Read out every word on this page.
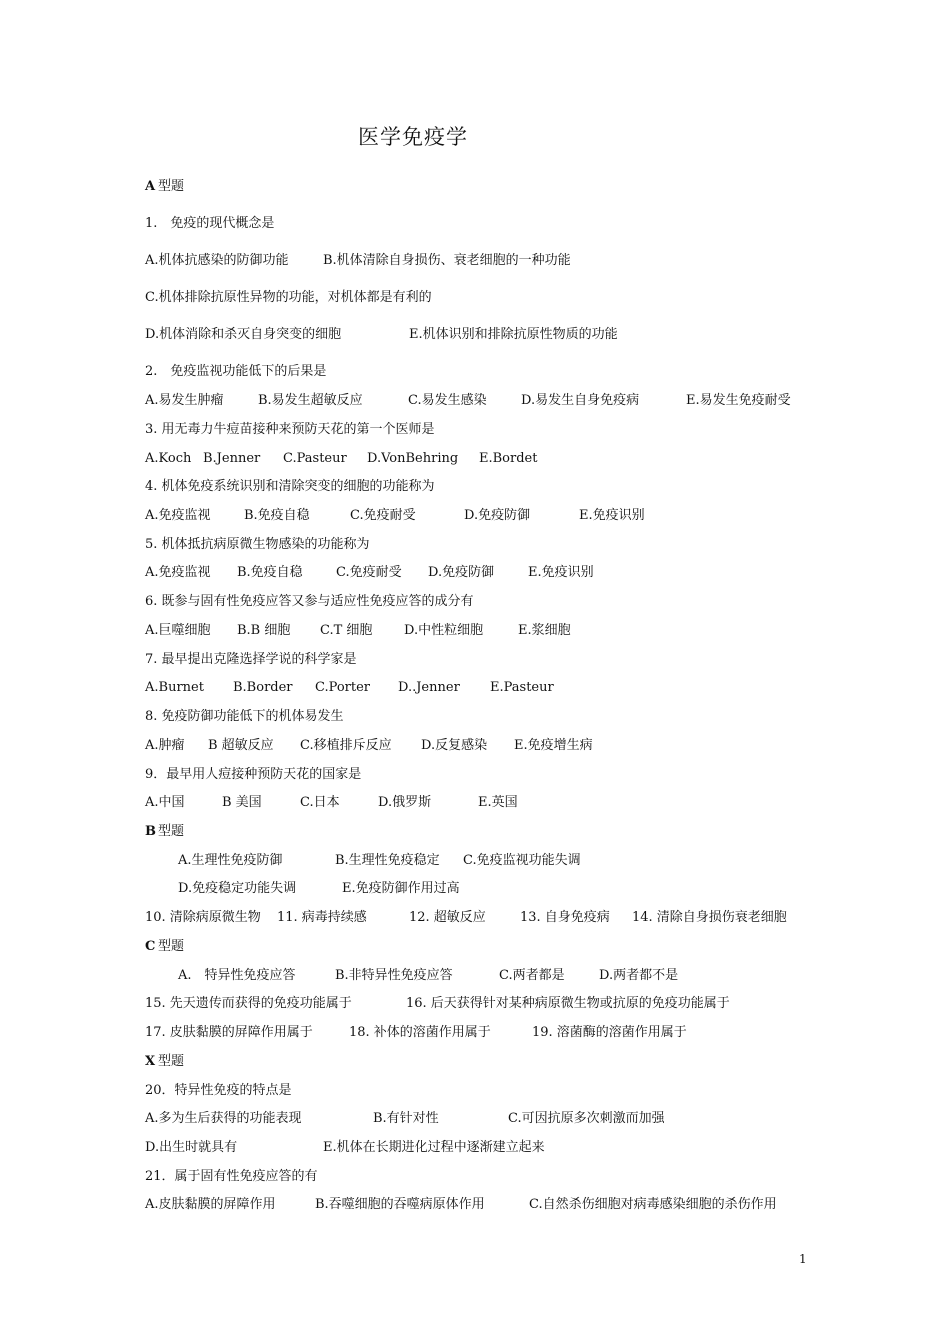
医学免疫学
A 型题
1.　免疫的现代概念是
A.机体抗感染的防御功能	B.机体清除自身损伤、衰老细胞的一种功能
C.机体排除抗原性异物的功能，对机体都是有利的
D.机体消除和杀灭自身突变的细胞	E.机体识别和排除抗原性物质的功能
2.　免疫监视功能低下的后果是
A.易发生肿瘤	B.易发生超敏反应	C.易发生感染	D.易发生自身免疫病	E.易发生免疫耐受
3. 用无毒力牛痘苗接种来预防天花的第一个医师是
A.Koch B.Jenner C.Pasteur D.VonBehring E.Bordet
4. 机体免疫系统识别和清除突变的细胞的功能称为
A.免疫监视	B.免疫自稳	C.免疫耐受	D.免疫防御	E.免疫识别
5. 机体抵抗病原微生物感染的功能称为
A.免疫监视 B.免疫自稳	C.免疫耐受 D.免疫防御	E.免疫识别
6. 既参与固有性免疫应答又参与适应性免疫应答的成分有
A.巨噬细胞 B.B 细胞 C.T 细胞 D.中性粒细胞	E.浆细胞
7. 最早提出克隆选择学说的科学家是
A.Burnet B.Border C.Porter D..Jenner E.Pasteur
8. 免疫防御功能低下的机体易发生
A.肿瘤 B 超敏反应 C.移植排斥反应 D.反复感染 E.免疫增生病
9．最早用人痘接种预防天花的国家是
A.中国	B 美国	C.日本	D.俄罗斯	E.英国
B 型题
A.生理性免疫防御	B.生理性免疫稳定 C.免疫监视功能失调
D.免疫稳定功能失调	E.免疫防御作用过高
10. 清除病原微生物 11. 病毒持续感	12. 超敏反应	13. 自身免疫病 14. 清除自身损伤衰老细胞
C 型题
A.　特异性免疫应答	B.非特异性免疫应答	C.两者都是	D.两者都不是
15. 先天遗传而获得的免疫功能属于	16. 后天获得针对某种病原微生物或抗原的免疫功能属于
17. 皮肤黏膜的屏障作用属于	18. 补体的溶菌作用属于	19. 溶菌酶的溶菌作用属于
X 型题
20．特异性免疫的特点是
A.多为生后获得的功能表现	B.有针对性	C.可因抗原多次刺激而加强
D.出生时就具有	E.机体在长期进化过程中逐渐建立起来
21．属于固有性免疫应答的有
A.皮肤黏膜的屏障作用	B.吞噬细胞的吞噬病原体作用	C.自然杀伤细胞对病毒感染细胞的杀伤作用
1
